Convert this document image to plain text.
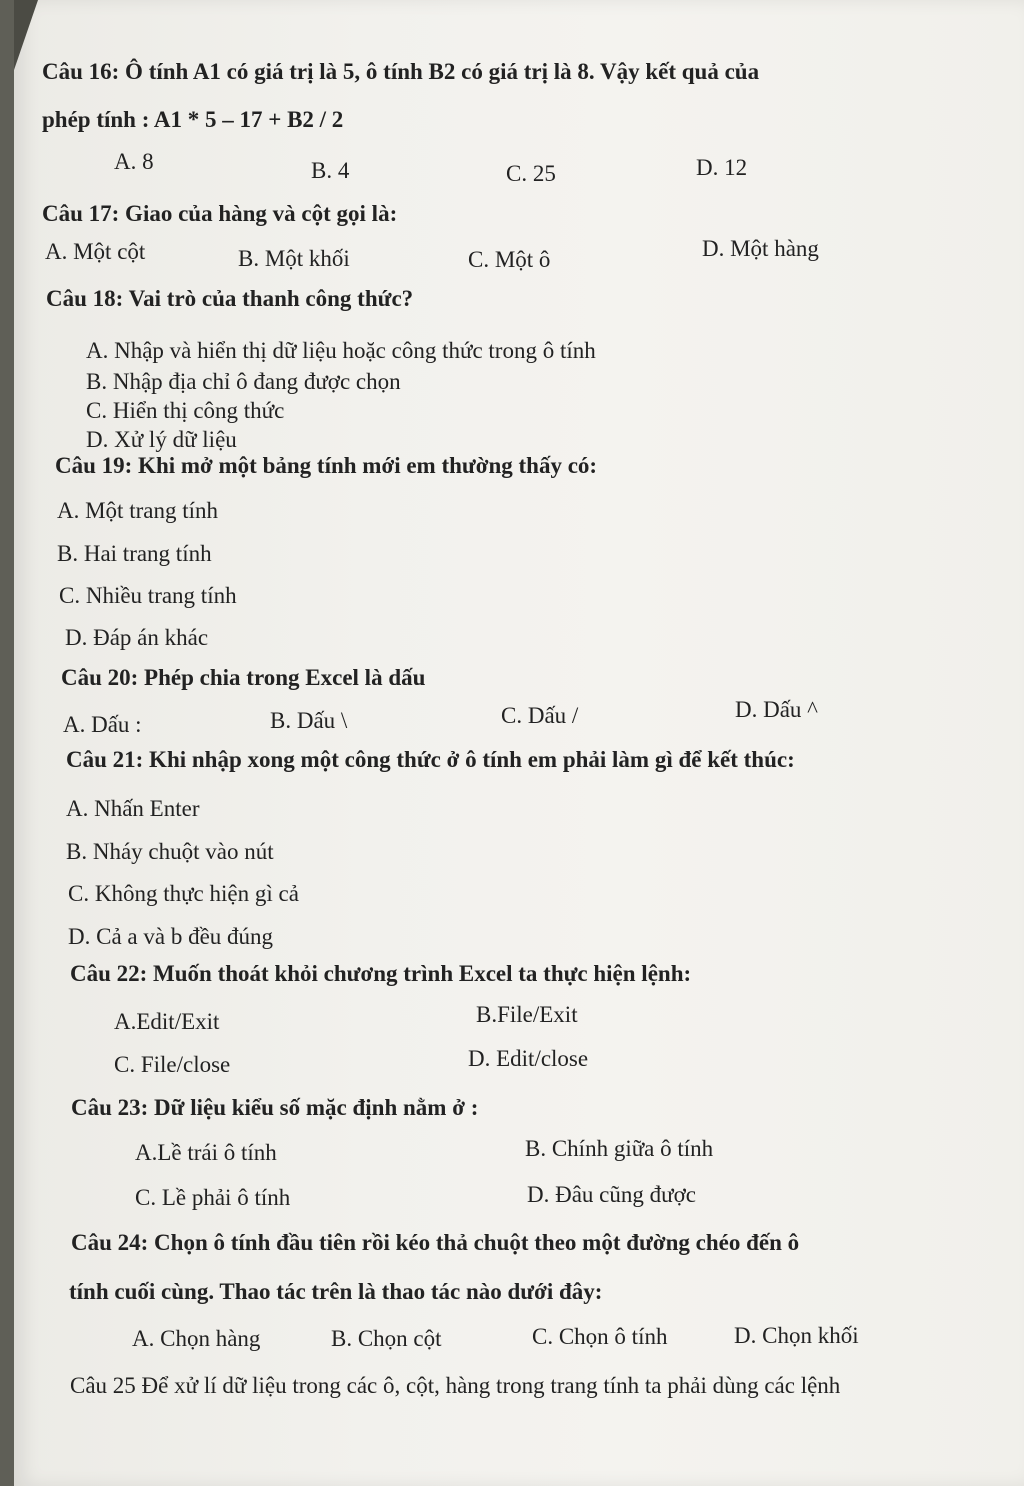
Câu 16: Ô tính A1 có giá trị là 5, ô tính B2 có giá trị là 8. Vậy kết quả của
phép tính : A1 * 5 – 17 + B2 / 2
A. 8	B. 4	C. 25	D. 12
Câu 17: Giao của hàng và cột gọi là:
A. Một cột	B. Một khối	C. Một ô	D. Một hàng
Câu 18: Vai trò của thanh công thức?
A. Nhập và hiển thị dữ liệu hoặc công thức trong ô tính
B. Nhập địa chỉ ô đang được chọn
C. Hiển thị công thức
D. Xử lý dữ liệu
Câu 19: Khi mở một bảng tính mới em thường thấy có:
A. Một trang tính
B. Hai trang tính
C. Nhiều trang tính
D. Đáp án khác
Câu 20: Phép chia trong Excel là dấu
A. Dấu :	B. Dấu \	C. Dấu /	D. Dấu ^
Câu 21: Khi nhập xong một công thức ở ô tính em phải làm gì để kết thúc:
A. Nhấn Enter
B. Nháy chuột vào nút
C. Không thực hiện gì cả
D. Cả a và b đều đúng
Câu 22: Muốn thoát khỏi chương trình Excel ta thực hiện lệnh:
A.Edit/Exit	B.File/Exit
C. File/close	D. Edit/close
Câu 23: Dữ liệu kiểu số mặc định nằm ở :
A.Lề trái ô tính	B. Chính giữa ô tính
C. Lề phải ô tính	D. Đâu cũng được
Câu 24: Chọn ô tính đầu tiên rồi kéo thả chuột theo một đường chéo đến ô
tính cuối cùng. Thao tác trên là thao tác nào dưới đây:
A. Chọn hàng	B. Chọn cột	C. Chọn ô tính	D. Chọn khối
Câu 25 Để xử lí dữ liệu trong các ô, cột, hàng trong trang tính ta phải dùng các lệnh
